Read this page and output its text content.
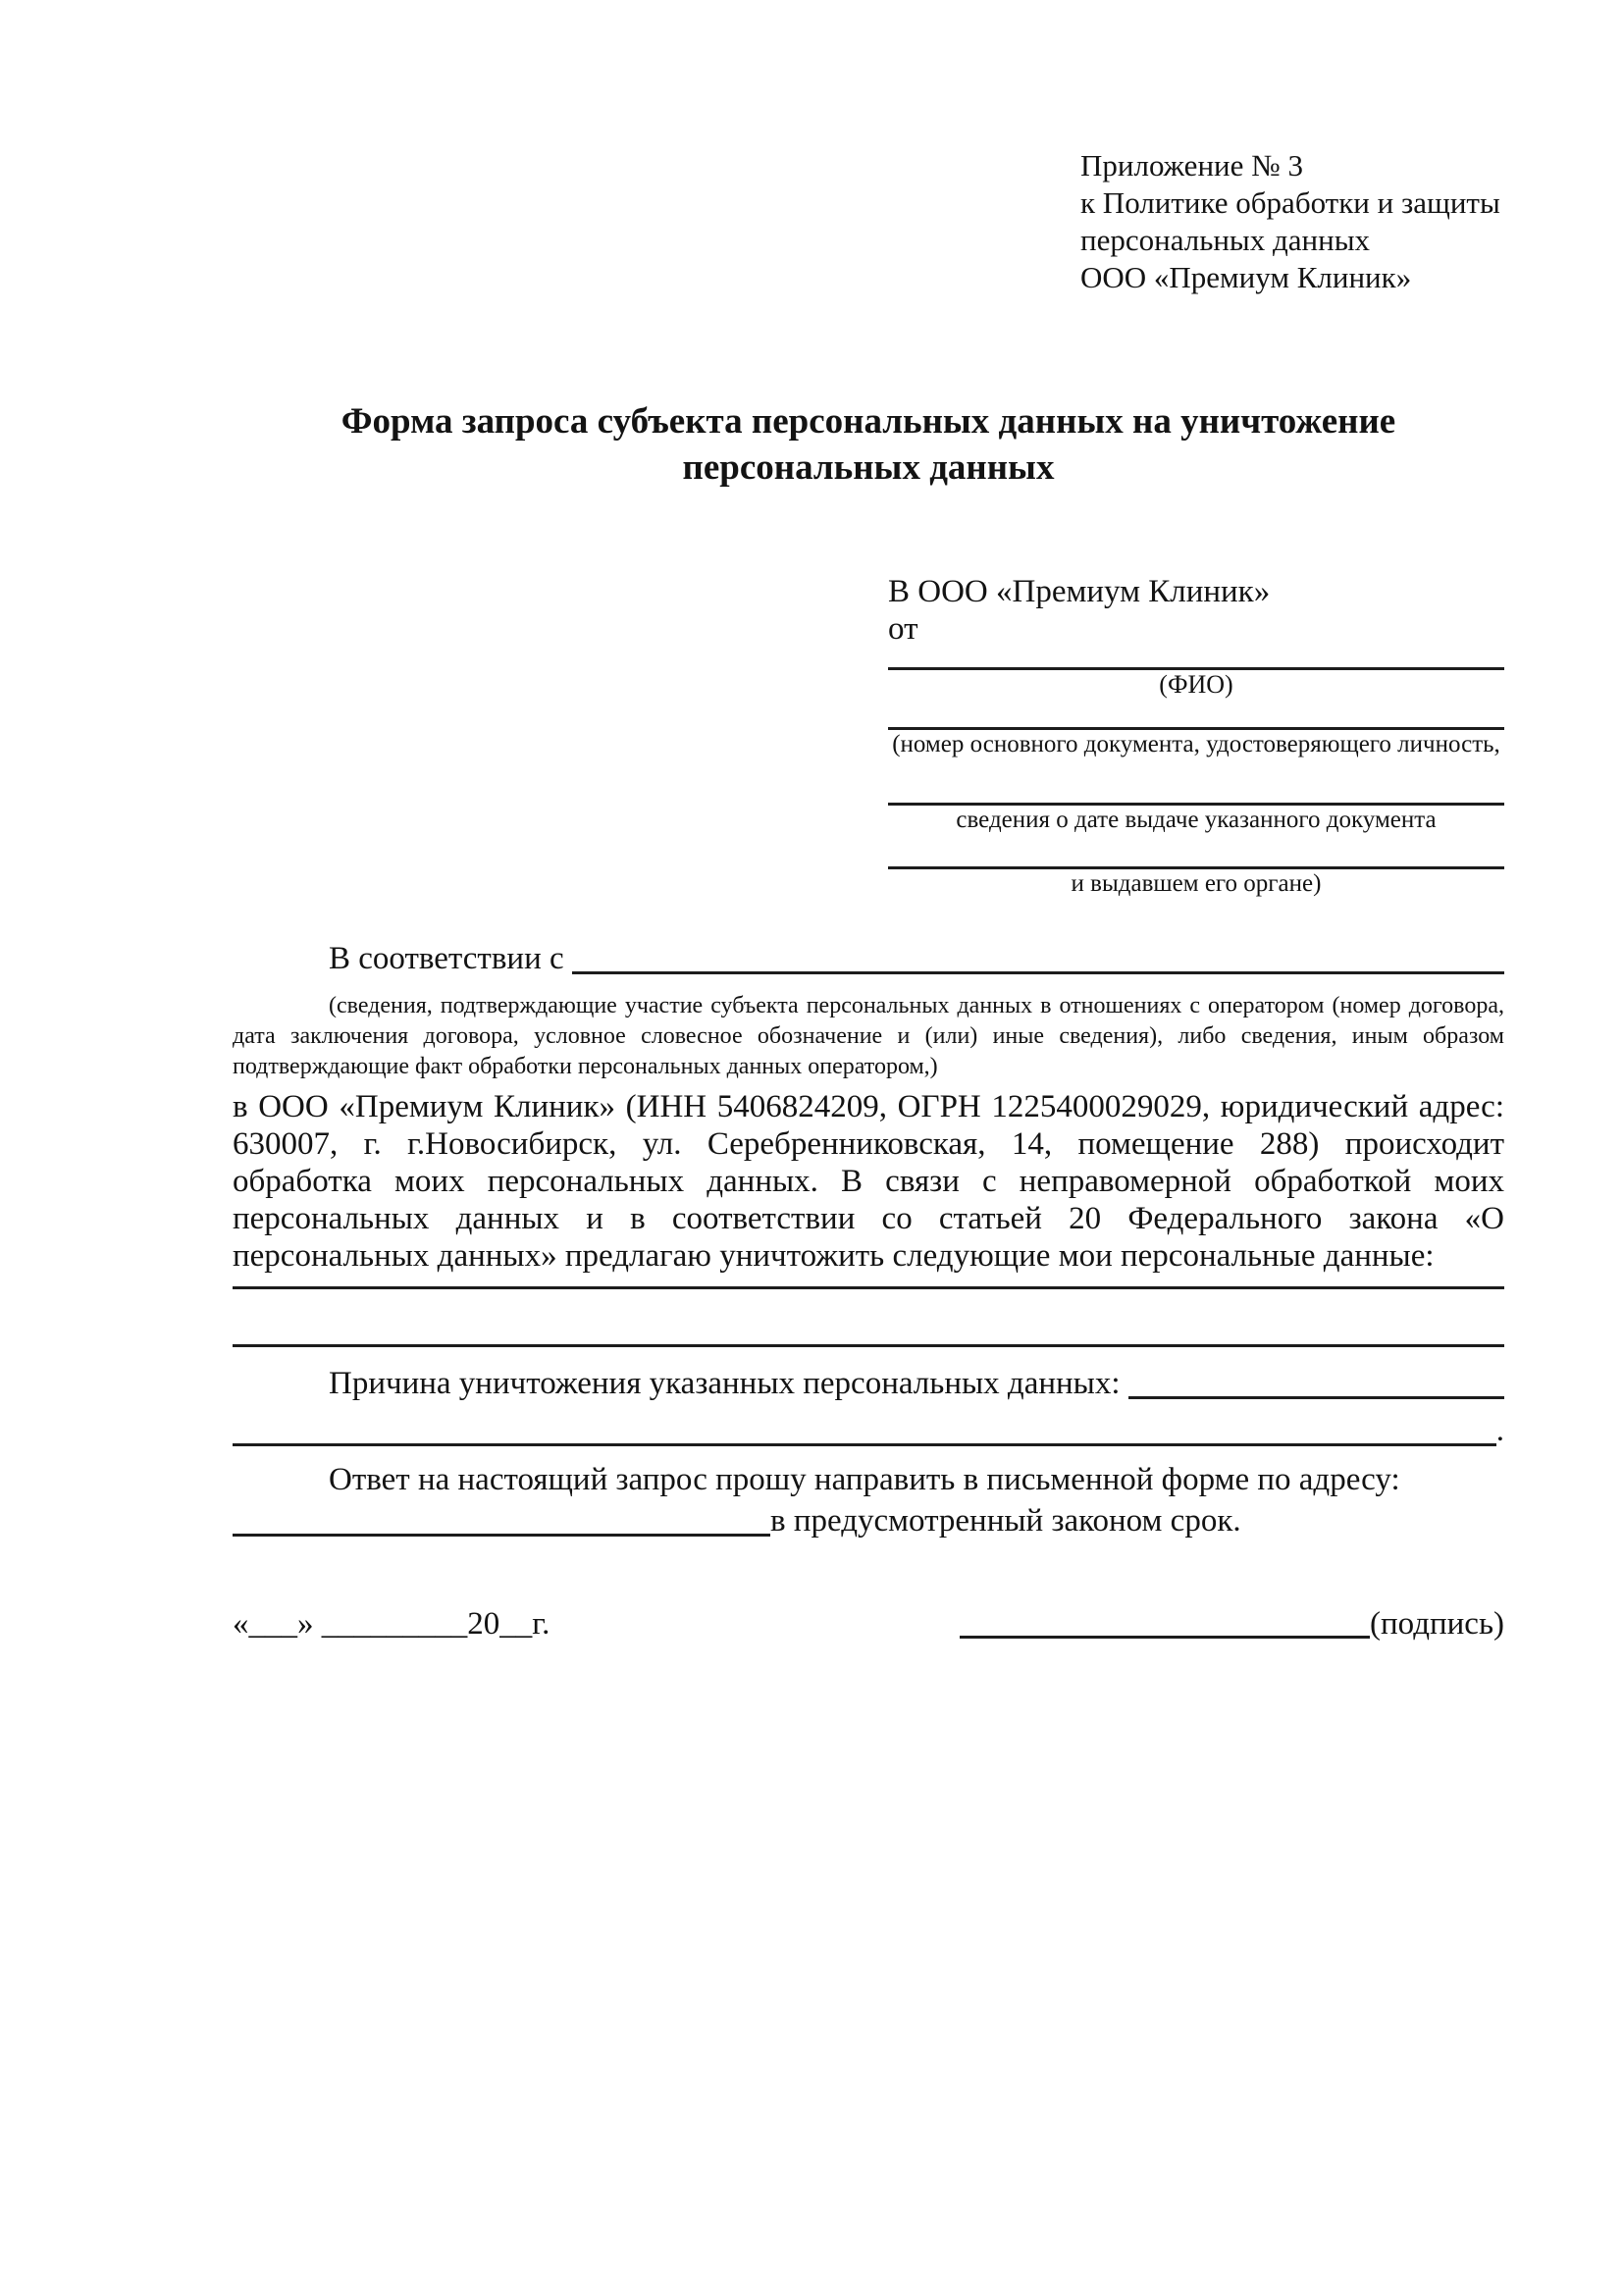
Приложение № 3
к Политике обработки и защиты
персональных данных
ООО «Премиум Клиник»
Форма запроса субъекта персональных данных на уничтожение персональных данных
В ООО «Премиум Клиник»
от
(ФИО)
(номер основного документа, удостоверяющего личность,
сведения о дате выдаче указанного документа
и выдавшем его органе)
В соответствии с
(сведения, подтверждающие участие субъекта персональных данных в отношениях с оператором (номер договора, дата заключения договора, условное словесное обозначение и (или) иные сведения), либо сведения, иным образом подтверждающие факт обработки персональных данных оператором,)
в ООО «Премиум Клиник» (ИНН 5406824209, ОГРН 1225400029029, юридический адрес: 630007, г. г.Новосибирск, ул. Серебренниковская, 14, помещение 288) происходит обработка моих персональных данных. В связи с неправомерной обработкой моих персональных данных и в соответствии со статьей 20 Федерального закона «О персональных данных» предлагаю уничтожить следующие мои персональные данные:
Причина уничтожения указанных персональных данных:
.
Ответ на настоящий запрос прошу направить в письменной форме по адресу:
в предусмотренный законом срок.
«___» _________20__г.	(подпись)
